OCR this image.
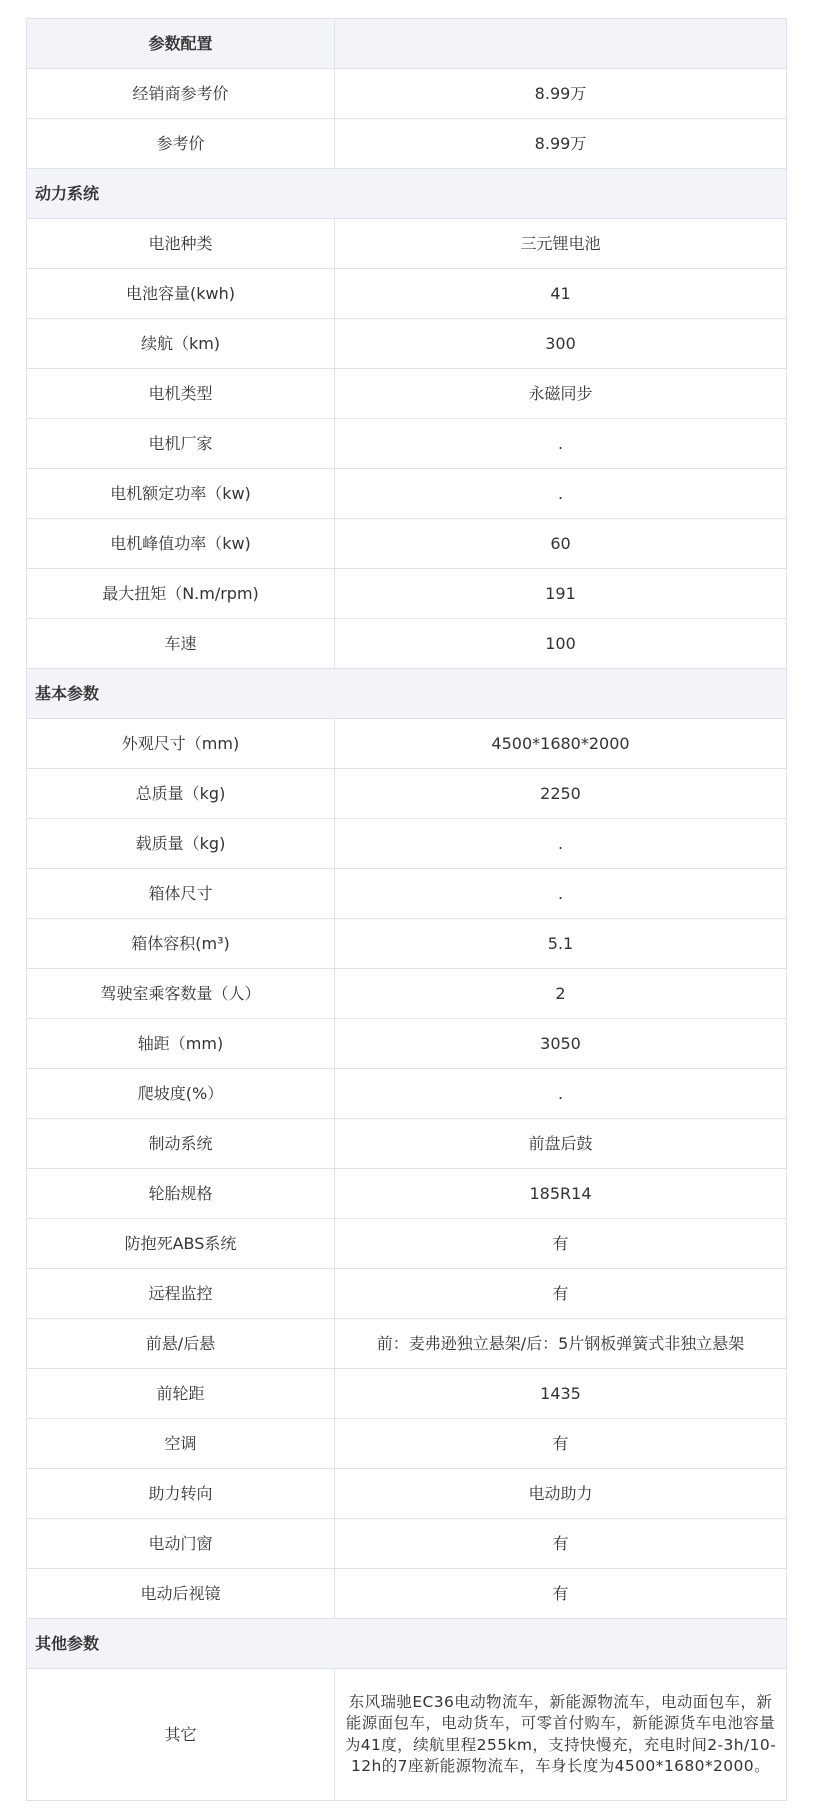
参数配置	
经销商参考价	8.99万
参考价	8.99万
动力系统	
电池种类	三元锂电池
电池容量(kwh)	41
续航（km)	300
电机类型	永磁同步
电机厂家	.
电机额定功率（kw)	.
电机峰值功率（kw)	60
最大扭矩（N.m/rpm)	191
车速	100
基本参数	
外观尺寸（mm)	4500*1680*2000
总质量（kg)	2250
载质量（kg)	.
箱体尺寸	.
箱体容积(m³)	5.1
驾驶室乘客数量（人）	2
轴距（mm)	3050
爬坡度(%）	.
制动系统	前盘后鼓
轮胎规格	185R14
防抱死ABS系统	有
远程监控	有
前悬/后悬	前：麦弗逊独立悬架/后：5片钢板弹簧式非独立悬架
前轮距	1435
空调	有
助力转向	电动助力
电动门窗	有
电动后视镜	有
其他参数	
其它	东风瑞驰EC36电动物流车，新能源物流车，电动面包车，新能源面包车，电动货车，可零首付购车，新能源货车电池容量为41度，续航里程255km，支持快慢充，充电时间2-3h/10-12h的7座新能源物流车，车身长度为4500*1680*2000。
